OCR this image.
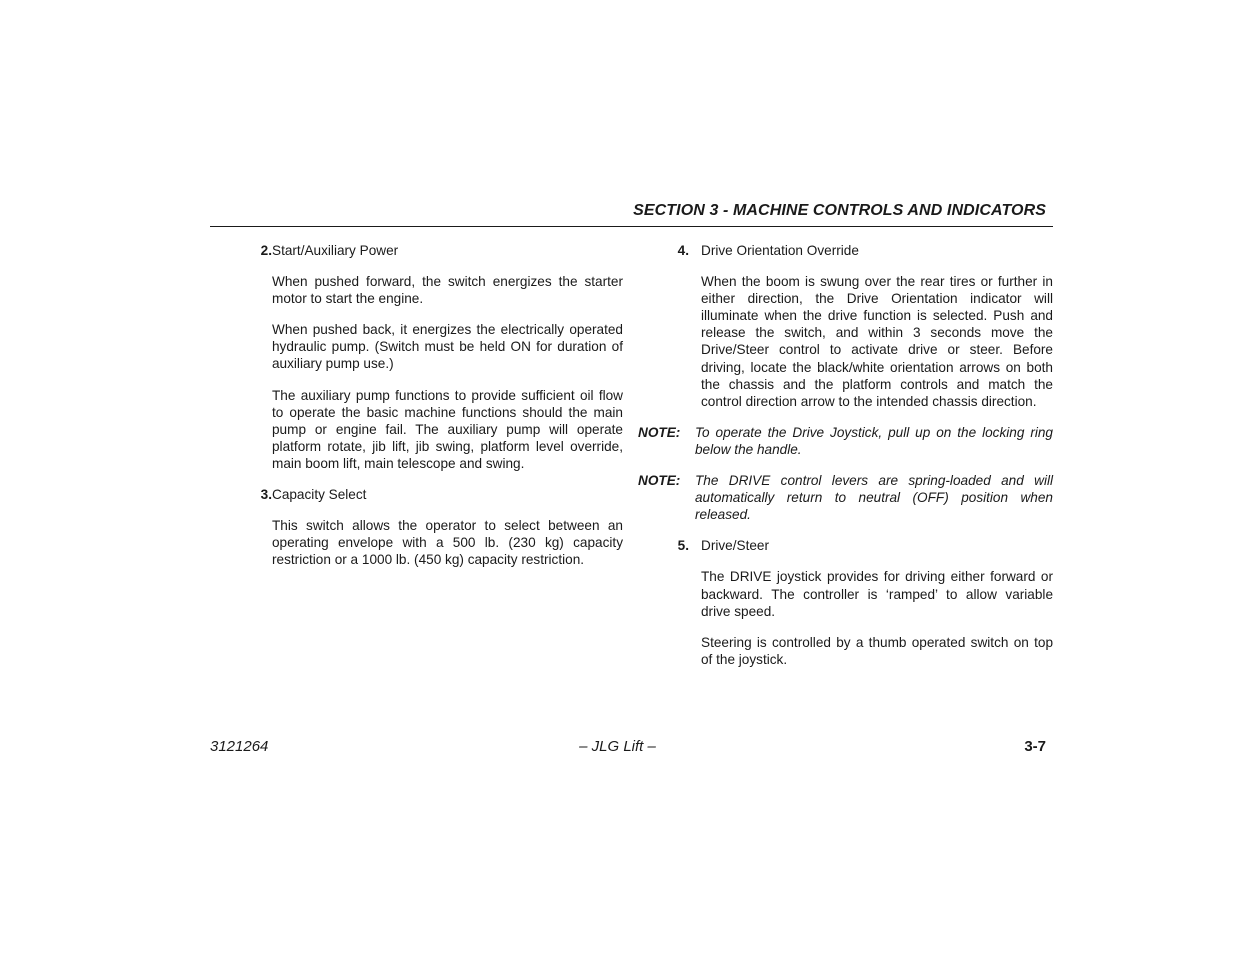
SECTION 3 - MACHINE CONTROLS AND INDICATORS
2. Start/Auxiliary Power

When pushed forward, the switch energizes the starter motor to start the engine.

When pushed back, it energizes the electrically operated hydraulic pump. (Switch must be held ON for duration of auxiliary pump use.)

The auxiliary pump functions to provide sufficient oil flow to operate the basic machine functions should the main pump or engine fail. The auxiliary pump will operate platform rotate, jib lift, jib swing, platform level override, main boom lift, main telescope and swing.

3. Capacity Select

This switch allows the operator to select between an operating envelope with a 500 lb. (230 kg) capacity restriction or a 1000 lb. (450 kg) capacity restriction.

4. Drive Orientation Override

When the boom is swung over the rear tires or further in either direction, the Drive Orientation indicator will illuminate when the drive function is selected. Push and release the switch, and within 3 seconds move the Drive/Steer control to activate drive or steer. Before driving, locate the black/white orientation arrows on both the chassis and the platform controls and match the control direction arrow to the intended chassis direction.

NOTE:	To operate the Drive Joystick, pull up on the locking ring below the handle.
NOTE:	The DRIVE control levers are spring-loaded and will automatically return to neutral (OFF) position when released.
5. Drive/Steer

The DRIVE joystick provides for driving either forward or backward. The controller is ‘ramped’ to allow variable drive speed.

Steering is controlled by a thumb operated switch on top of the joystick.

3121264	– JLG Lift –	3-7
